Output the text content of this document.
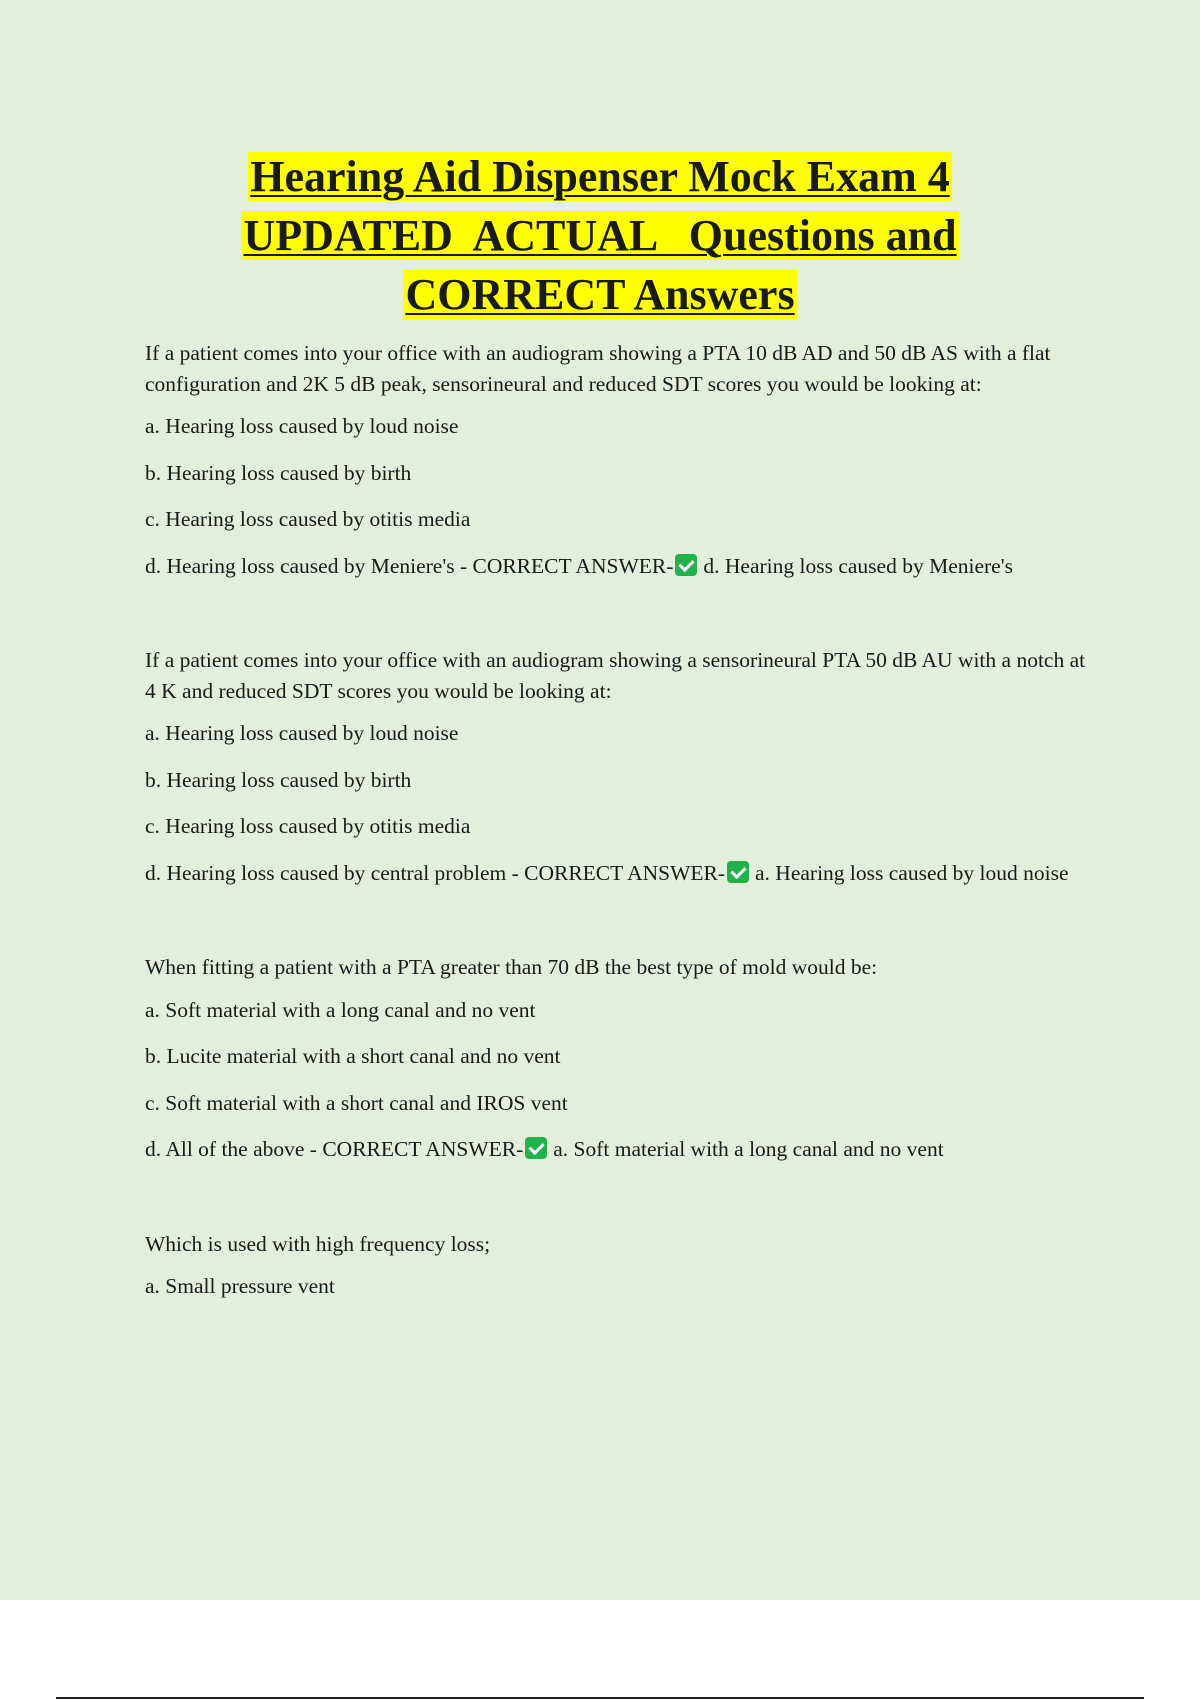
Hearing Aid Dispenser Mock Exam 4
UPDATED  ACTUAL   Questions and
CORRECT Answers
If a patient comes into your office with an audiogram showing a PTA 10 dB AD and 50 dB AS with a flat configuration and 2K 5 dB peak, sensorineural and reduced SDT scores you would be looking at:
a. Hearing loss caused by loud noise
b. Hearing loss caused by birth
c. Hearing loss caused by otitis media
d. Hearing loss caused by Meniere's - CORRECT ANSWER- d. Hearing loss caused by Meniere's
If a patient comes into your office with an audiogram showing a sensorineural PTA 50 dB AU with a notch at 4 K and reduced SDT scores you would be looking at:
a. Hearing loss caused by loud noise
b. Hearing loss caused by birth
c. Hearing loss caused by otitis media
d. Hearing loss caused by central problem - CORRECT ANSWER- a. Hearing loss caused by loud noise
When fitting a patient with a PTA greater than 70 dB the best type of mold would be:
a. Soft material with a long canal and no vent
b. Lucite material with a short canal and no vent
c. Soft material with a short canal and IROS vent
d. All of the above - CORRECT ANSWER- a. Soft material with a long canal and no vent
Which is used with high frequency loss;
a. Small pressure vent
